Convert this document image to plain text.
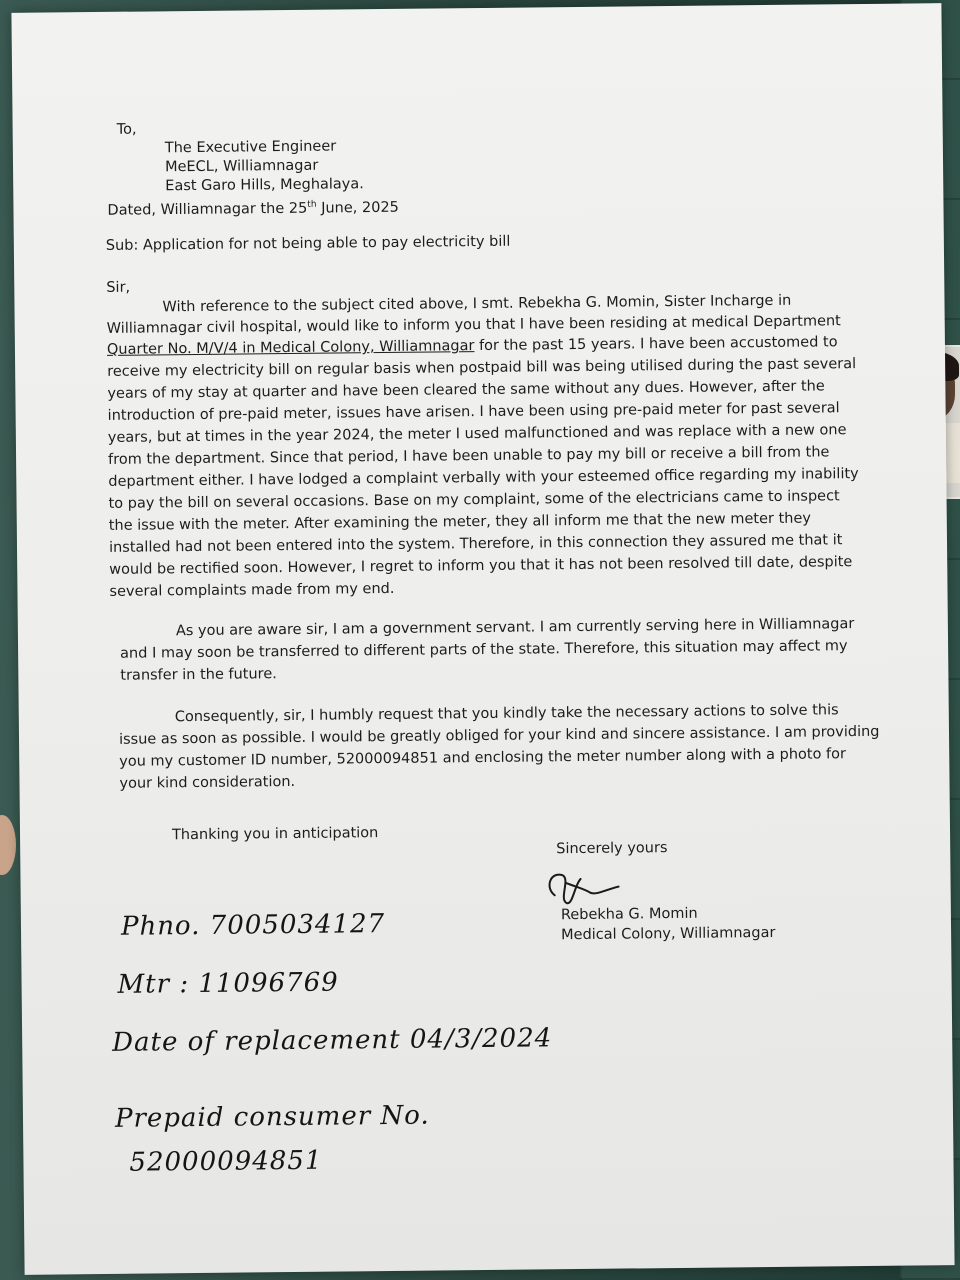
To,
The Executive Engineer
MeECL, Williamnagar
East Garo Hills, Meghalaya.
Dated, Williamnagar the 25th June, 2025
Sub: Application for not being able to pay electricity bill
Sir,
With reference to the subject cited above, I smt. Rebekha G. Momin, Sister Incharge in
Williamnagar civil hospital, would like to inform you that I have been residing at medical Department
Quarter No. M/V/4 in Medical Colony, Williamnagar for the past 15 years. I have been accustomed to
receive my electricity bill on regular basis when postpaid bill was being utilised during the past several
years of my stay at quarter and have been cleared the same without any dues. However, after the
introduction of pre-paid meter, issues have arisen. I have been using pre-paid meter for past several
years, but at times in the year 2024, the meter I used malfunctioned and was replace with a new one
from the department. Since that period, I have been unable to pay my bill or receive a bill from the
department either. I have lodged a complaint verbally with your esteemed office regarding my inability
to pay the bill on several occasions. Base on my complaint, some of the electricians came to inspect
the issue with the meter. After examining the meter, they all inform me that the new meter they
installed had not been entered into the system. Therefore, in this connection they assured me that it
would be rectified soon. However, I regret to inform you that it has not been resolved till date, despite
several complaints made from my end.
As you are aware sir, I am a government servant. I am currently serving here in Williamnagar
and I may soon be transferred to different parts of the state. Therefore, this situation may affect my
transfer in the future.
Consequently, sir, I humbly request that you kindly take the necessary actions to solve this
issue as soon as possible. I would be greatly obliged for your kind and sincere assistance. I am providing
you my customer ID number, 52000094851 and enclosing the meter number along with a photo for
your kind consideration.
Thanking you in anticipation
Sincerely yours
Rebekha G. Momin
Medical Colony, Williamnagar
Phno. 7005034127
Mtr : 11096769
Date of replacement 04/3/2024
Prepaid consumer No.
52000094851
